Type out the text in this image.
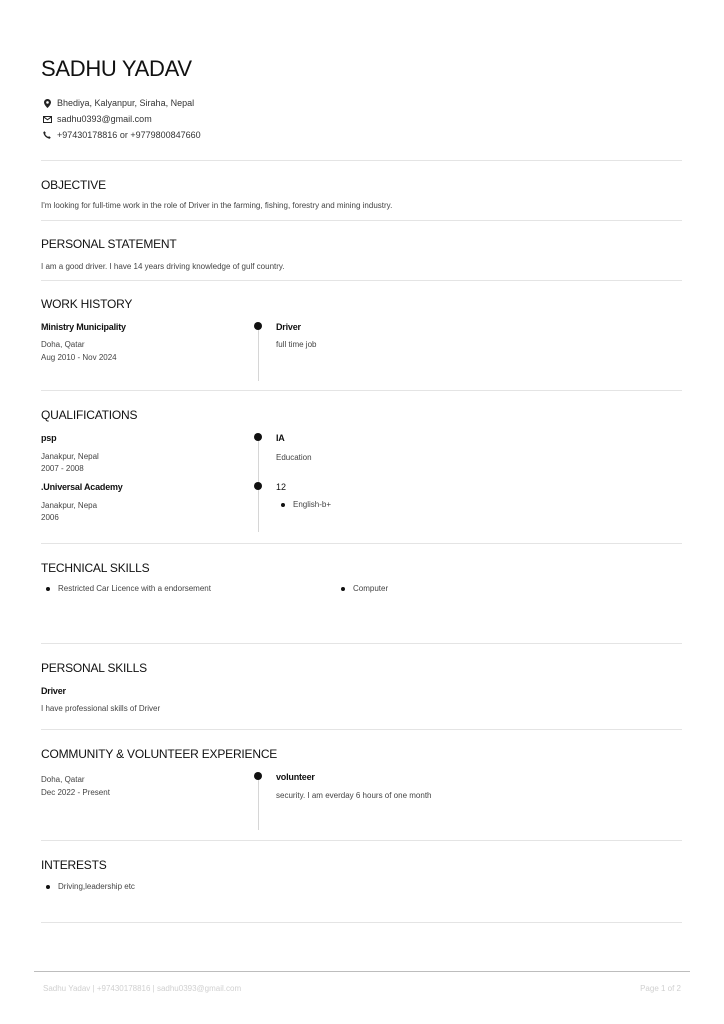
SADHU YADAV
Bhediya, Kalyanpur, Siraha, Nepal
sadhu0393@gmail.com
+97430178816 or +9779800847660
OBJECTIVE
I'm looking for full-time work in the role of Driver in the farming, fishing, forestry and mining industry.
PERSONAL STATEMENT
I am a good driver. I have 14 years driving knowledge of gulf country.
WORK HISTORY
Ministry Municipality
Doha, Qatar
Aug 2010 - Nov 2024
Driver
full time job
QUALIFICATIONS
psp
Janakpur, Nepal
2007 - 2008
IA
Education
.Universal Academy
Janakpur, Nepa
2006
12
English-b+
TECHNICAL SKILLS
Restricted Car Licence with a endorsement	Computer
PERSONAL SKILLS
Driver
I have professional skills of Driver
COMMUNITY & VOLUNTEER EXPERIENCE
Doha, Qatar
Dec 2022 - Present
volunteer
security. I am everday 6 hours of one month
INTERESTS
Driving,leadership etc
Sadhu Yadav | +97430178816 | sadhu0393@gmail.com	Page 1 of 2
